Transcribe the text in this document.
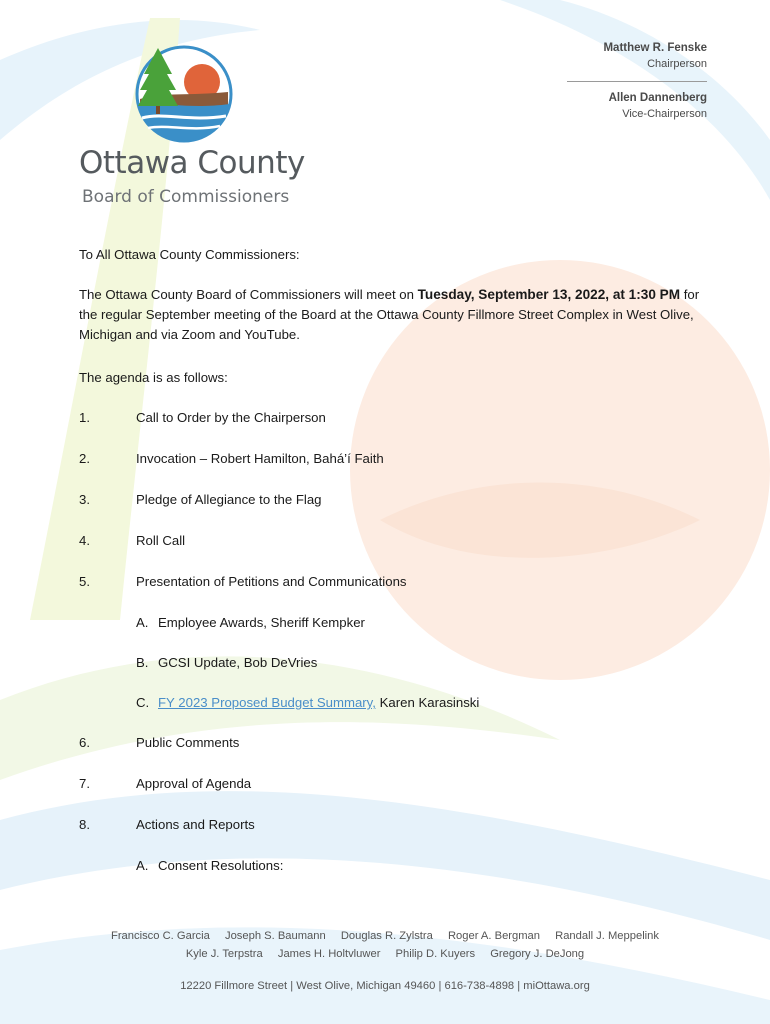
Ottawa County
Board of Commissioners
Matthew R. Fenske
Chairperson
Allen Dannenberg
Vice-Chairperson
To All Ottawa County Commissioners:
The Ottawa County Board of Commissioners will meet on Tuesday, September 13, 2022, at 1:30 PM for the regular September meeting of the Board at the Ottawa County Fillmore Street Complex in West Olive, Michigan and via Zoom and YouTube.
The agenda is as follows:
1.	Call to Order by the Chairperson
2.	Invocation – Robert Hamilton, Bahá’í Faith
3.	Pledge of Allegiance to the Flag
4.	Roll Call
5.	Presentation of Petitions and Communications
A. Employee Awards, Sheriff Kempker
B. GCSI Update, Bob DeVries
C. FY 2023 Proposed Budget Summary, Karen Karasinski
6.	Public Comments
7.	Approval of Agenda
8.	Actions and Reports
A. Consent Resolutions:
Francisco C. Garcia Joseph S. Baumann Douglas R. Zylstra Roger A. Bergman Randall J. Meppelink
Kyle J. Terpstra James H. Holtvluwer Philip D. Kuyers Gregory J. DeJong
12220 Fillmore Street | West Olive, Michigan 49460 | 616-738-4898 | miOttawa.org
